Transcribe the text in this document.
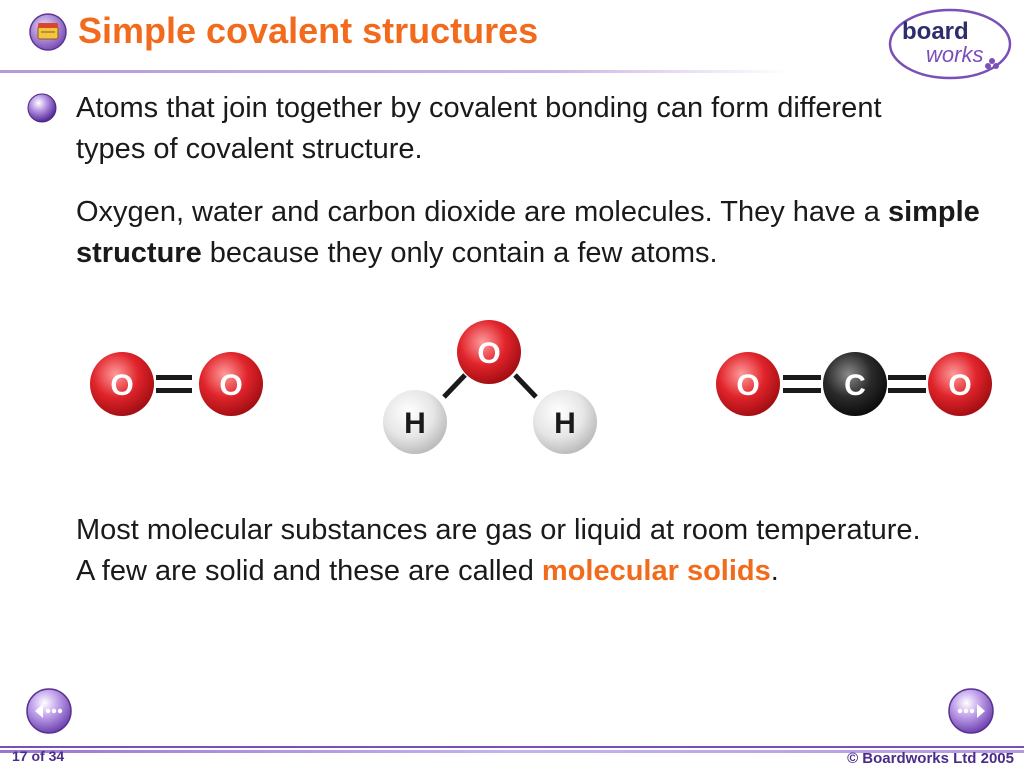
Simple covalent structures	board
works

Atoms that join together by covalent bonding can form different types of covalent structure.

Oxygen, water and carbon dioxide are molecules. They have a simple structure because they only contain a few atoms.

O	O
O
H	H
O	C	O

Most molecular substances are gas or liquid at room temperature. A few are solid and these are called molecular solids.

17 of 34	© Boardworks Ltd 2005
